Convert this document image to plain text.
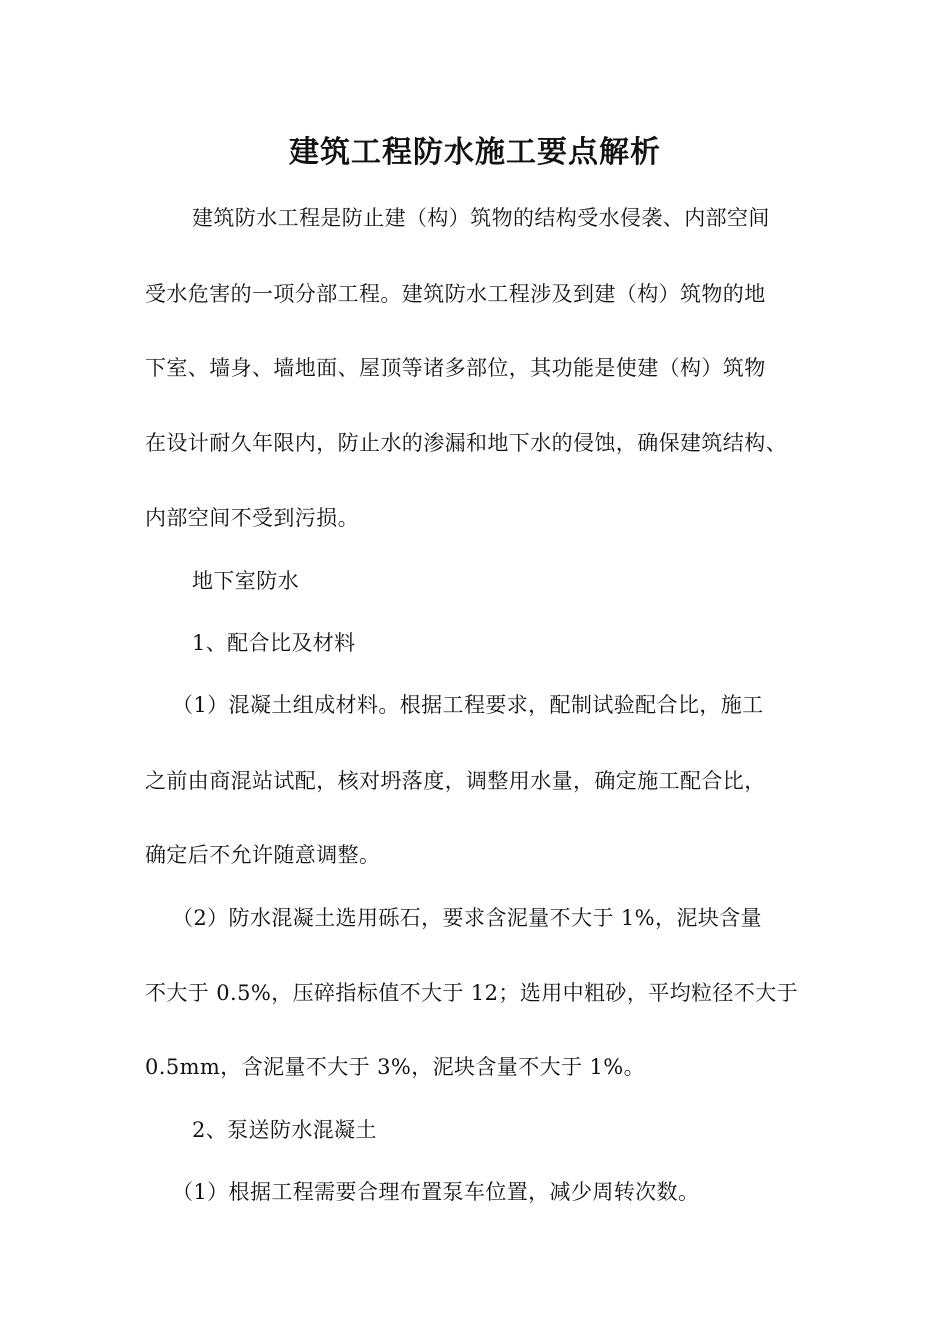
建筑工程防水施工要点解析
建筑防水工程是防止建（构）筑物的结构受水侵袭、内部空间
受水危害的一项分部工程。建筑防水工程涉及到建（构）筑物的地
下室、墙身、墙地面、屋顶等诸多部位，其功能是使建（构）筑物
在设计耐久年限内，防止水的渗漏和地下水的侵蚀，确保建筑结构、
内部空间不受到污损。
地下室防水
1、配合比及材料
（1）混凝土组成材料。根据工程要求，配制试验配合比，施工
之前由商混站试配，核对坍落度，调整用水量，确定施工配合比，
确定后不允许随意调整。
（2）防水混凝土选用砾石，要求含泥量不大于 1%，泥块含量
不大于 0.5%，压碎指标值不大于 12；选用中粗砂，平均粒径不大于
0.5mm，含泥量不大于 3%，泥块含量不大于 1%。
2、泵送防水混凝土
（1）根据工程需要合理布置泵车位置，减少周转次数。
